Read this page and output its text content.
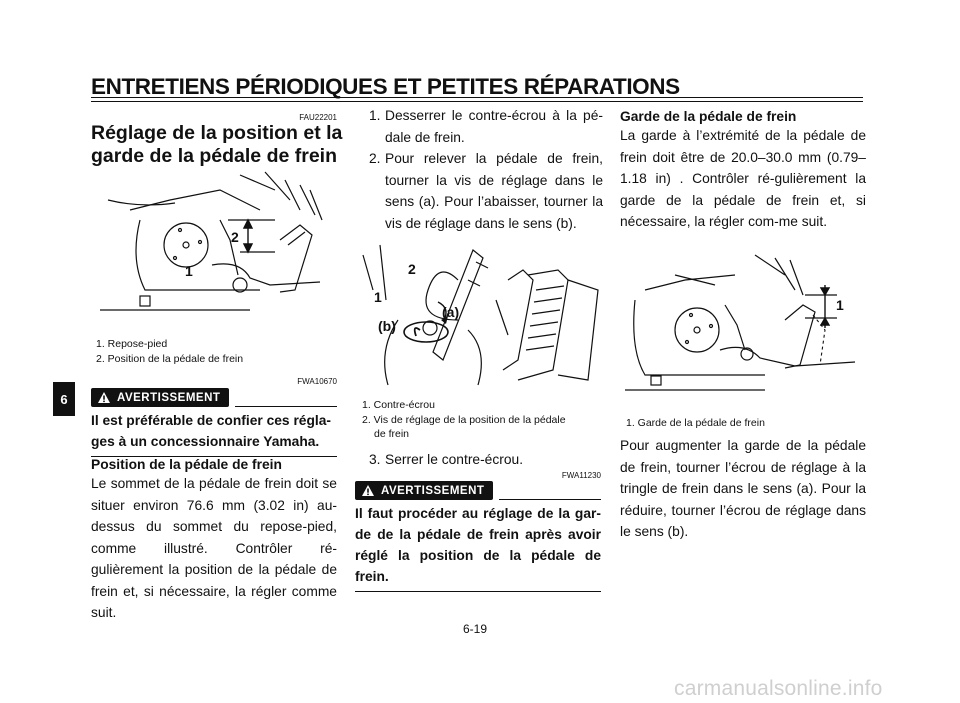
ENTRETIENS PÉRIODIQUES ET PETITES RÉPARATIONS
6
FAU22201
Réglage de la position et la
garde de la pédale de frein
2
1
1. Repose-pied
2. Position de la pédale de frein
FWA10670
AVERTISSEMENT
Il est préférable de confier ces régla-ges à un concessionnaire Yamaha.
Position de la pédale de frein
Le sommet de la pédale de frein doit se situer environ 76.6 mm (3.02 in) au-dessus du sommet du repose-pied, comme illustré. Contrôler ré-gulièrement la position de la pédale de frein et, si nécessaire, la régler comme suit.
1. Desserrer le contre-écrou à la pé-dale de frein.
2. Pour relever la pédale de frein, tourner la vis de réglage dans le sens (a). Pour l’abaisser, tourner la vis de réglage dans le sens (b).
2
1
(a)
(b)
1. Contre-écrou
2. Vis de réglage de la position de la pédale
de frein
3. Serrer le contre-écrou.
FWA11230
AVERTISSEMENT
Il faut procéder au réglage de la gar-de de la pédale de frein après avoir réglé la position de la pédale de frein.
Garde de la pédale de frein
La garde à l’extrémité de la pédale de frein doit être de 20.0–30.0 mm (0.79–1.18 in) . Contrôler ré-gulièrement la garde de la pédale de frein et, si nécessaire, la régler com-me suit.
1
1. Garde de la pédale de frein
Pour augmenter la garde de la pédale de frein, tourner l’écrou de réglage à la tringle de frein dans le sens (a). Pour la réduire, tourner l’écrou de réglage dans le sens (b).
6-19
carmanualsonline.info
